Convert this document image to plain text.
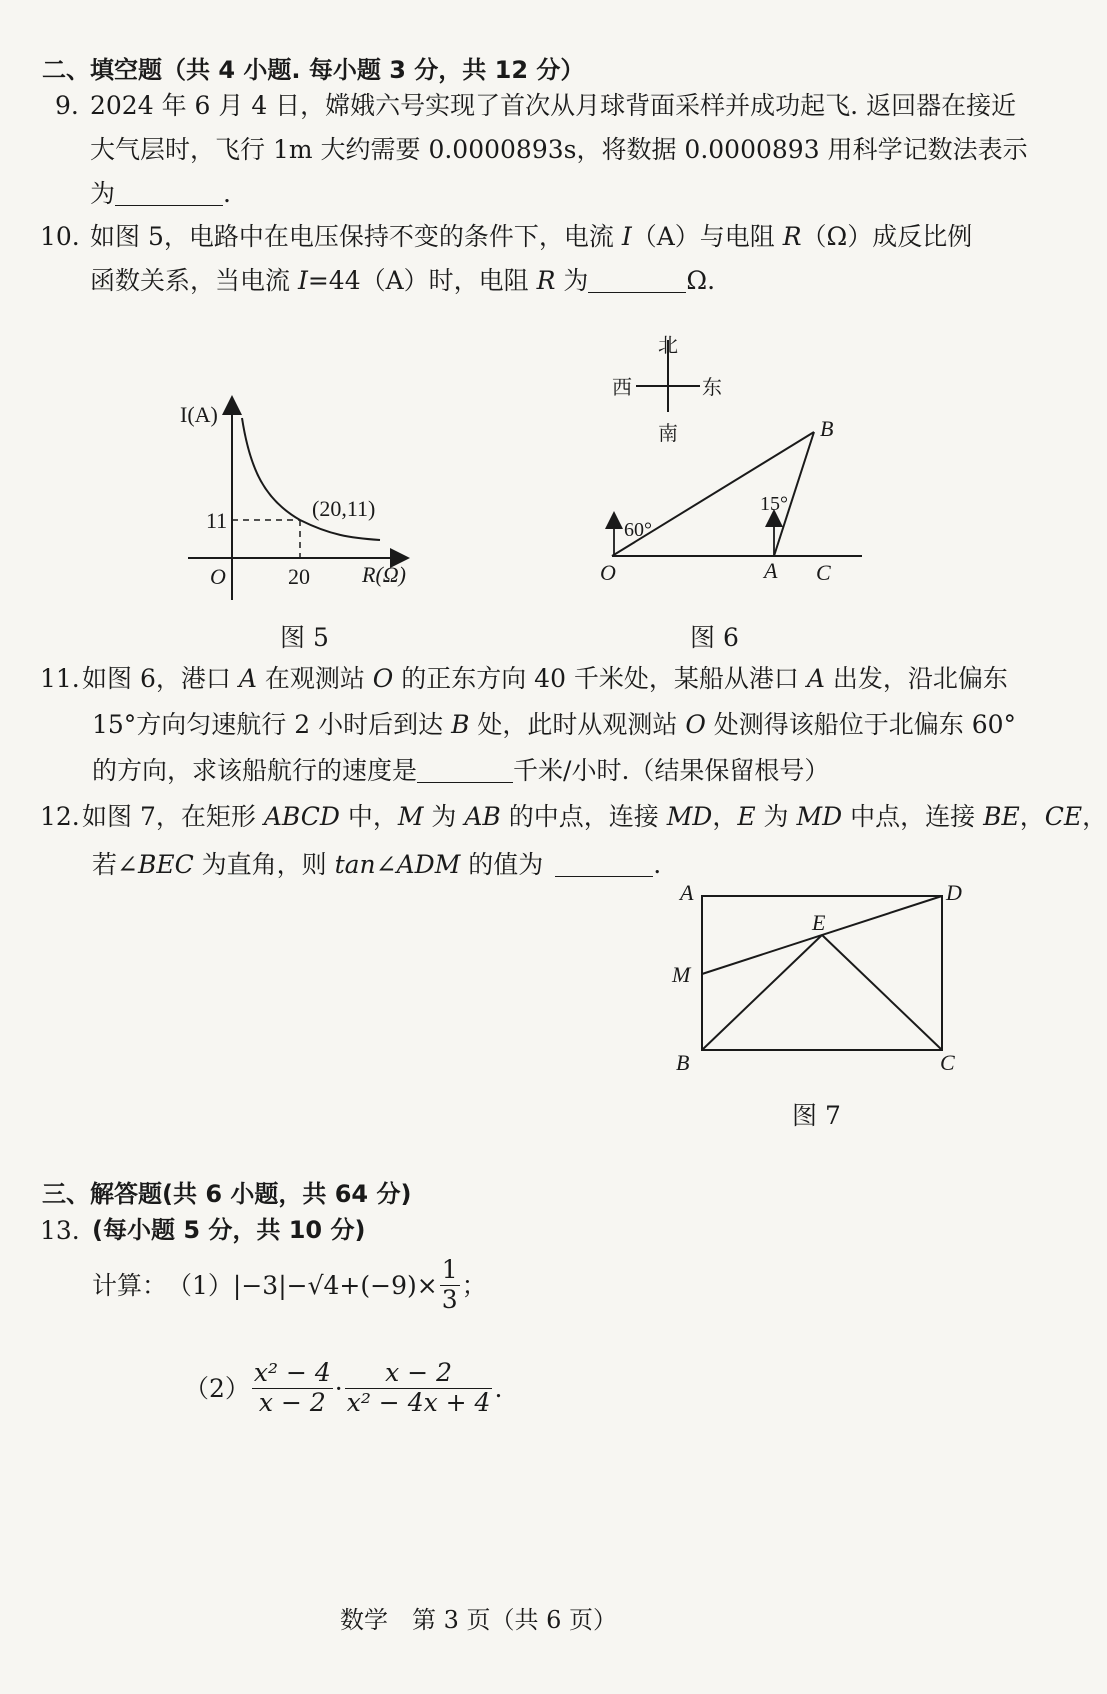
二、填空题（共 4 小题. 每小题 3 分，共 12 分）
9. 2024 年 6 月 4 日，嫦娥六号实现了首次从月球背面采样并成功起飞. 返回器在接近
大气层时，飞行 1m 大约需要 0.0000893s，将数据 0.0000893 用科学记数法表示
为	.
10. 如图 5，电路中在电压保持不变的条件下，电流 I（A）与电阻 R（Ω）成反比例
函数关系，当电流 I=44（A）时，电阻 R 为	Ω.
I(A)
R(Ω)
O
11
20
(20,11)
北
南
西	东
60°
15°
O	A C
B
A	D
E
M
B	C
图 5	图 6
11. 如图 6，港口 A 在观测站 O 的正东方向 40 千米处，某船从港口 A 出发，沿北偏东
15°方向匀速航行 2 小时后到达 B 处，此时从观测站 O 处测得该船位于北偏东 60°
的方向，求该船航行的速度是	千米/小时.（结果保留根号）
12. 如图 7，在矩形 ABCD 中，M 为 AB 的中点，连接 MD，E 为 MD 中点，连接 BE，CE，
若∠BEC 为直角，则 tan∠ADM 的值为	.
图 7
三、解答题(共 6 小题，共 64 分)
13. (每小题 5 分，共 10 分)
计算： （1） $|-3|- √4 +(-9)\times \frac{1}{3}$ ；
$(2) \frac{\text{x² − 4}}{x - 2} \cdot \frac{x - 2}{\text{x² − 4x + 4}}$ .
数学　第 3 页（共 6 页）
